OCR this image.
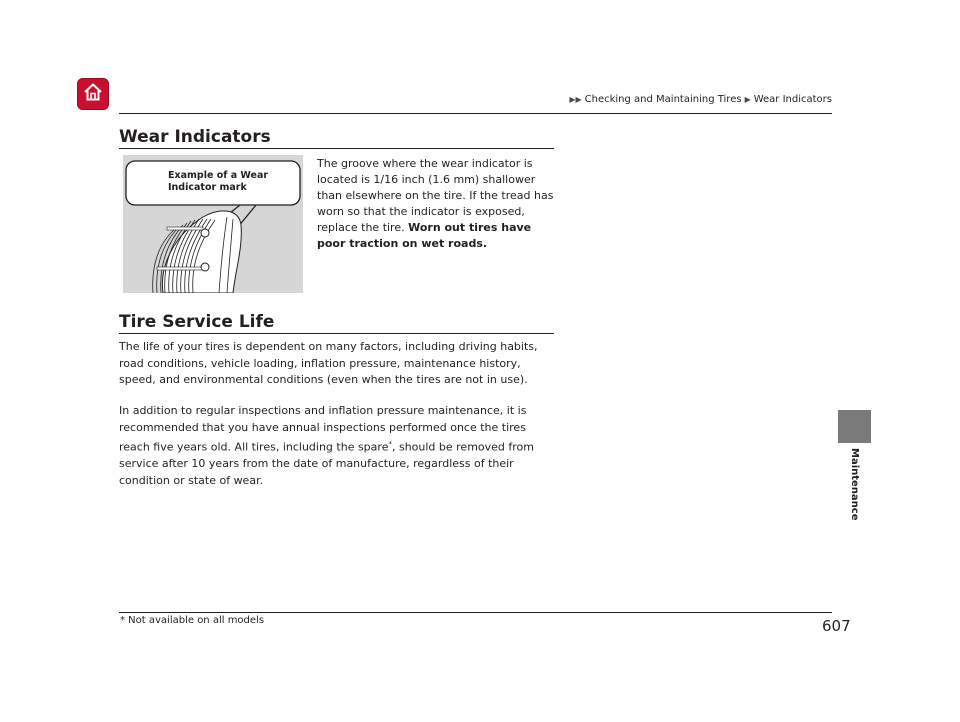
▶▶ Checking and Maintaining Tires ▶ Wear Indicators
Wear Indicators
Example of a Wear Indicator mark

The groove where the wear indicator is located is 1/16 inch (1.6 mm) shallower than elsewhere on the tire. If the tread has worn so that the indicator is exposed, replace the tire. Worn out tires have poor traction on wet roads.

Tire Service Life

The life of your tires is dependent on many factors, including driving habits, road conditions, vehicle loading, inflation pressure, maintenance history, speed, and environmental conditions (even when the tires are not in use).

In addition to regular inspections and inflation pressure maintenance, it is recommended that you have annual inspections performed once the tires reach five years old. All tires, including the spare*, should be removed from service after 10 years from the date of manufacture, regardless of their condition or state of wear.	Maintenance
* Not available on all models	607
